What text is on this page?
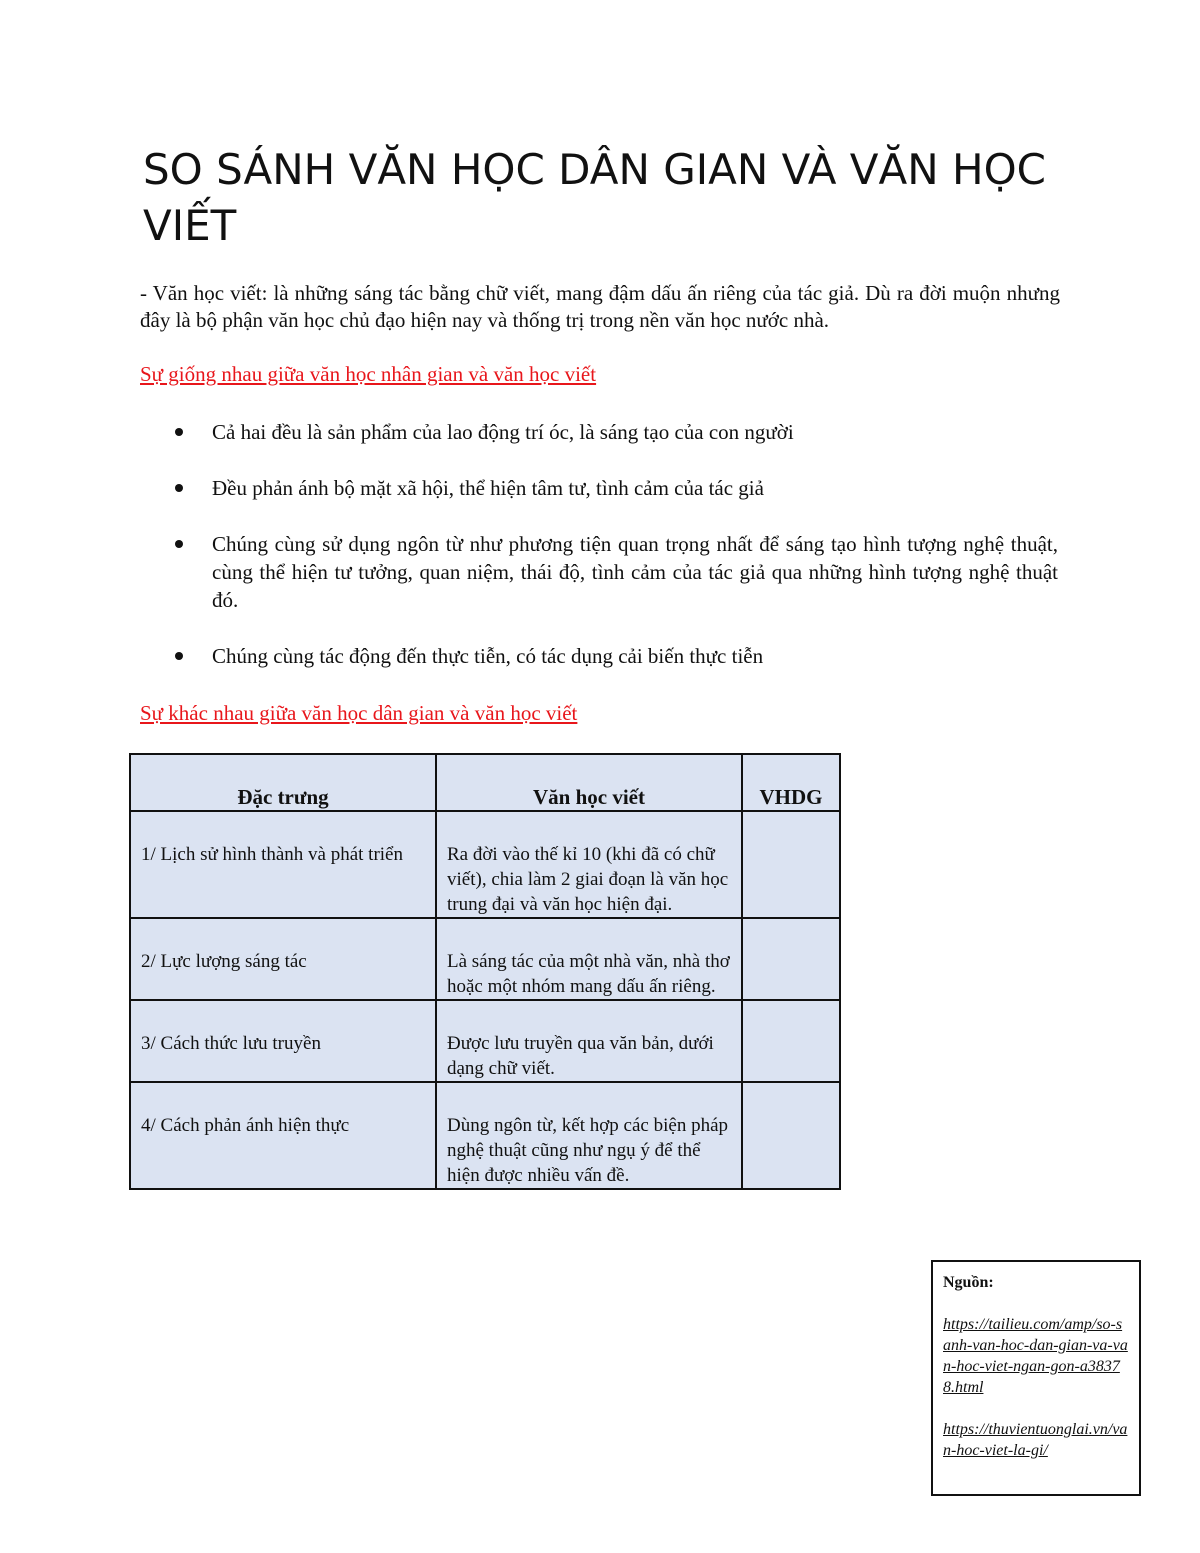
SO SÁNH VĂN HỌC DÂN GIAN VÀ VĂN HỌC VIẾT

- Văn học viết: là những sáng tác bằng chữ viết, mang đậm dấu ấn riêng của tác giả. Dù ra đời muộn nhưng đây là bộ phận văn học chủ đạo hiện nay và thống trị trong nền văn học nước nhà.

Sự giống nhau giữa văn học nhân gian và văn học viết

Cả hai đều là sản phẩm của lao động trí óc, là sáng tạo của con người
Đều phản ánh bộ mặt xã hội, thể hiện tâm tư, tình cảm của tác giả
Chúng cùng sử dụng ngôn từ như phương tiện quan trọng nhất để sáng tạo hình tượng nghệ thuật, cùng thể hiện tư tưởng, quan niệm, thái độ, tình cảm của tác giả qua những hình tượng nghệ thuật đó.
Chúng cùng tác động đến thực tiễn, có tác dụng cải biến thực tiễn

Sự khác nhau giữa văn học dân gian và văn học viết

Đặc trưng	Văn học viết	VHDG
1/ Lịch sử hình thành và phát triển	Ra đời vào thế kỉ 10 (khi đã có chữ viết), chia làm 2 giai đoạn là văn học trung đại và văn học hiện đại.	
2/ Lực lượng sáng tác	Là sáng tác của một nhà văn, nhà thơ hoặc một nhóm mang dấu ấn riêng.	
3/ Cách thức lưu truyền	Được lưu truyền qua văn bản, dưới dạng chữ viết.	
4/ Cách phản ánh hiện thực	Dùng ngôn từ, kết hợp các biện pháp nghệ thuật cũng như ngụ ý để thể hiện được nhiều vấn đề.	
Nguồn:
https://tailieu.com/amp/so-sanh-van-hoc-dan-gian-va-van-hoc-viet-ngan-gon-a38378.html
https://thuvientuonglai.vn/van-hoc-viet-la-gi/
